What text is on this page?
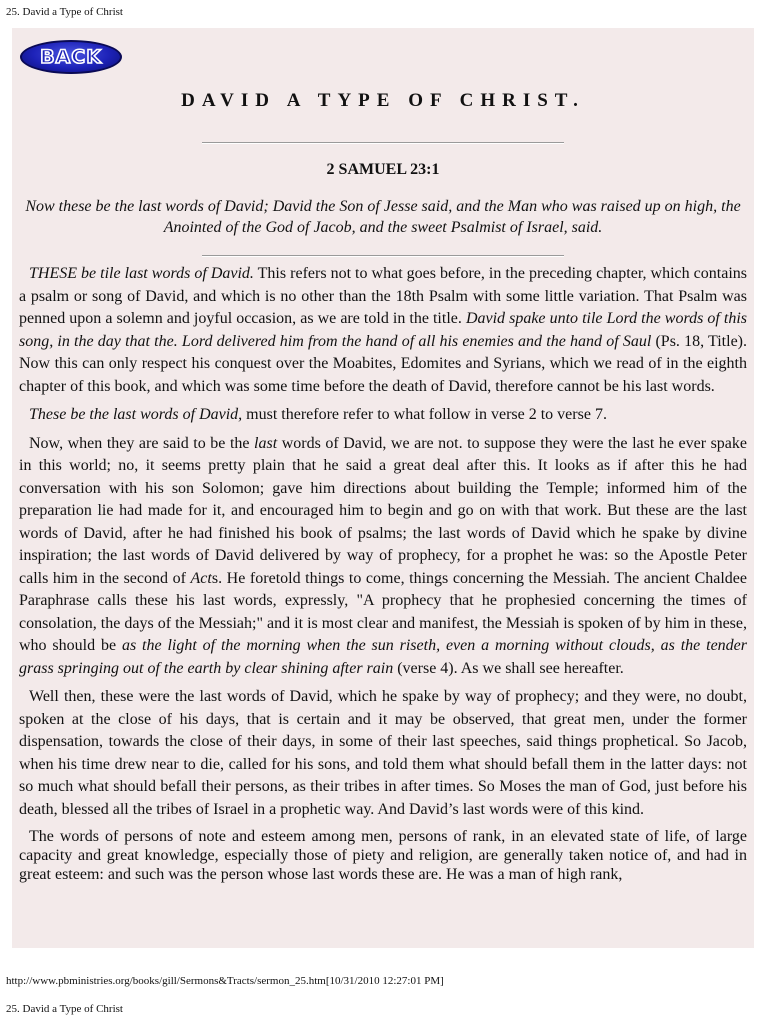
25. David a Type of Christ
BACK
DAVID A TYPE OF CHRIST.
2 SAMUEL 23:1
Now these be the last words of David; David the Son of Jesse said, and the Man who was raised up on high, the Anointed of the God of Jacob, and the sweet Psalmist of Israel, said.

THESE be tile last words of David. This refers not to what goes before, in the preceding chapter, which contains a psalm or song of David, and which is no other than the 18th Psalm with some little variation. That Psalm was penned upon a solemn and joyful occasion, as we are told in the title. David spake unto tile Lord the words of this song, in the day that the. Lord delivered him from the hand of all his enemies and the hand of Saul (Ps. 18, Title). Now this can only respect his conquest over the Moabites, Edomites and Syrians, which we read of in the eighth chapter of this book, and which was some time before the death of David, therefore cannot be his last words.

These be the last words of David, must therefore refer to what follow in verse 2 to verse 7.

Now, when they are said to be the last words of David, we are not. to suppose they were the last he ever spake in this world; no, it seems pretty plain that he said a great deal after this. It looks as if after this he had conversation with his son Solomon; gave him directions about building the Temple; informed him of the preparation lie had made for it, and encouraged him to begin and go on with that work. But these are the last words of David, after he had finished his book of psalms; the last words of David which he spake by divine inspiration; the last words of David delivered by way of prophecy, for a prophet he was: so the Apostle Peter calls him in the second of Acts. He foretold things to come, things concerning the Messiah. The ancient Chaldee Paraphrase calls these his last words, expressly, "A prophecy that he prophesied concerning the times of consolation, the days of the Messiah;" and it is most clear and manifest, the Messiah is spoken of by him in these, who should be as the light of the morning when the sun riseth, even a morning without clouds, as the tender grass springing out of the earth by clear shining after rain (verse 4). As we shall see hereafter.

Well then, these were the last words of David, which he spake by way of prophecy; and they were, no doubt, spoken at the close of his days, that is certain and it may be observed, that great men, under the former dispensation, towards the close of their days, in some of their last speeches, said things prophetical. So Jacob, when his time drew near to die, called for his sons, and told them what should befall them in the latter days: not so much what should befall their persons, as their tribes in after times. So Moses the man of God, just before his death, blessed all the tribes of Israel in a prophetic way. And David’s last words were of this kind.

The words of persons of note and esteem among men, persons of rank, in an elevated state of life, of large capacity and great knowledge, especially those of piety and religion, are generally taken notice of, and had in great esteem: and such was the person whose last words these are. He was a man of high rank,

http://www.pbministries.org/books/gill/Sermons&Tracts/sermon_25.htm[10/31/2010 12:27:01 PM]
25. David a Type of Christ
